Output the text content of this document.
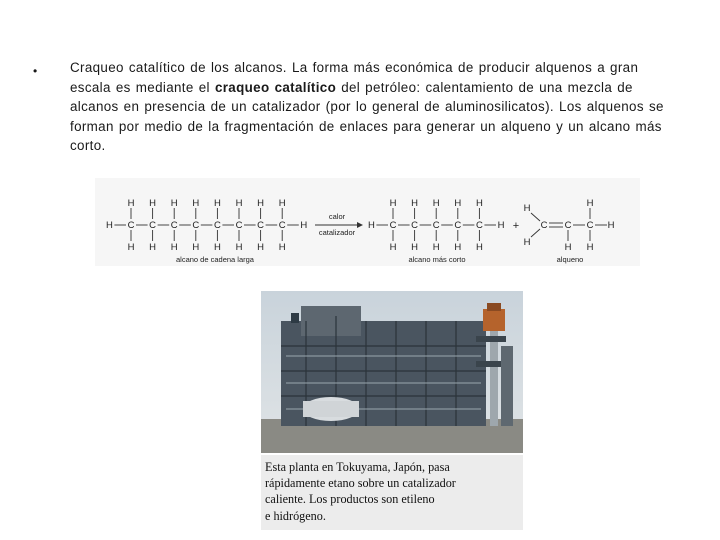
• Craqueo catalítico de los alcanos. La forma más económica de producir alquenos a gran escala es mediante el craqueo catalítico del petróleo: calentamiento de una mezcla de alcanos en presencia de un catalizador (por lo general de aluminosilicatos). Los alquenos se forman por medio de la fragmentación de enlaces para generar un alqueno y un alcano más corto.
H C
H
H
C
H
H
C
H
H
C
H
H
C
H
H
C
H
H
C
H
H
C
H
H
H
calor
catalizador
H C
H
H
C
H
H
C
H
H
C
H
H
C
H
H
H + C C C
H
H	H
H
H
H
alcano de cadena larga	alcano más corto	alqueno
Esta planta en Tokuyama, Japón, pasa
rápidamente etano sobre un catalizador
caliente. Los productos son etileno
e hidrógeno.
